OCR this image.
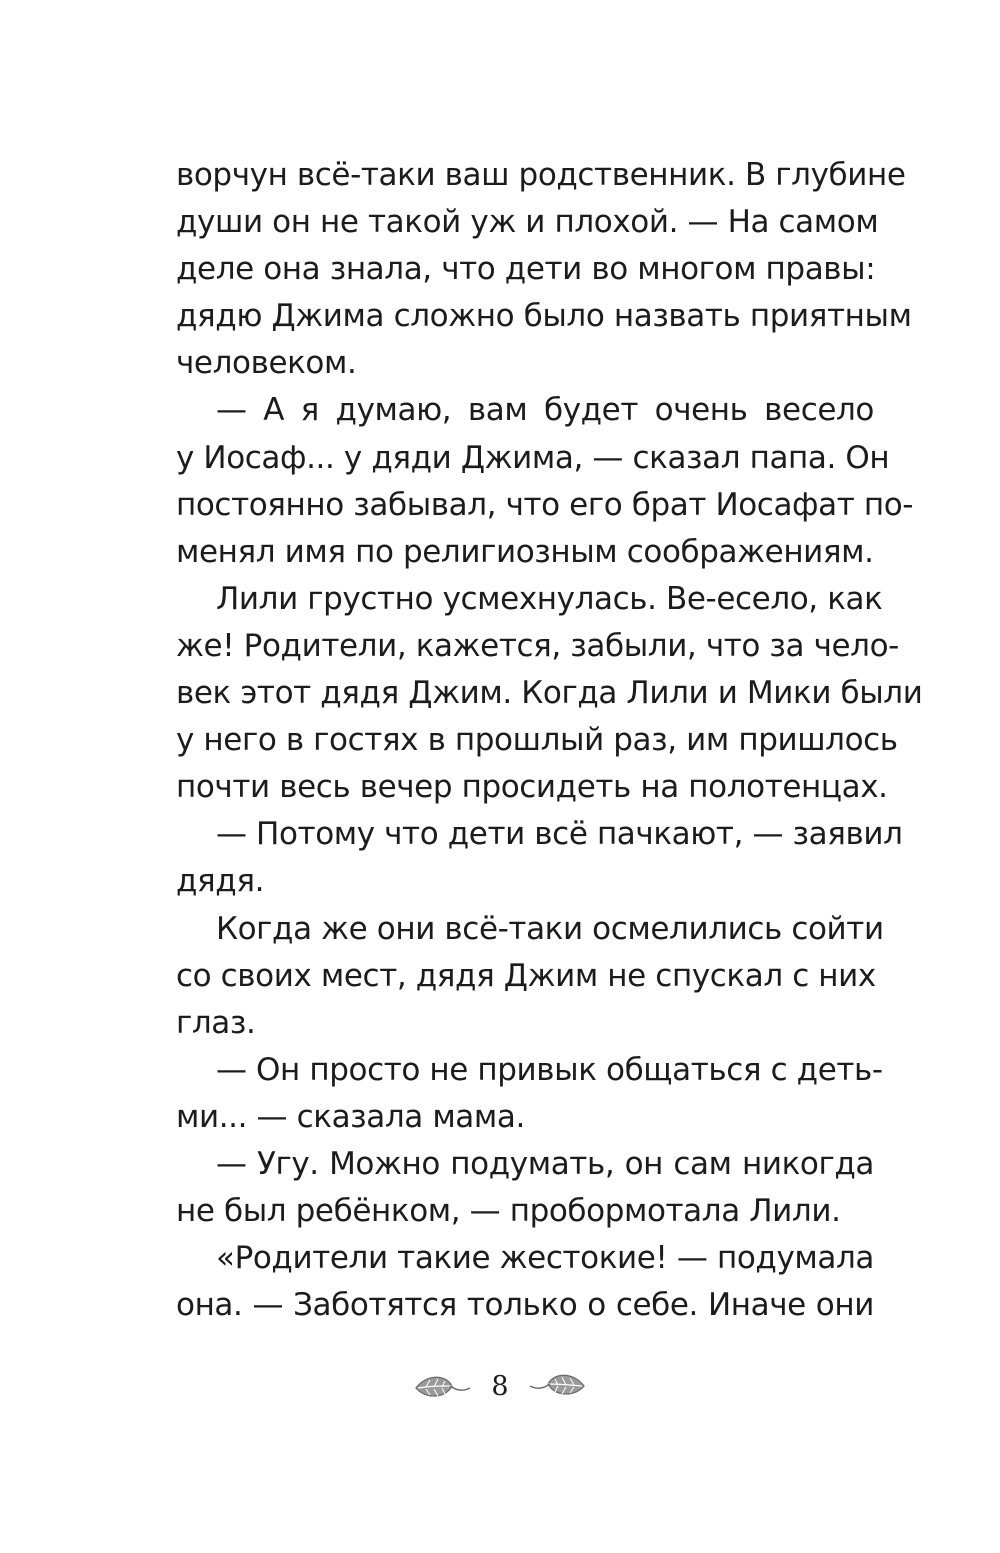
ворчун всё-таки ваш родственник. В глубине
души он не такой уж и плохой. — На самом
деле она знала, что дети во многом правы:
дядю Джима сложно было назвать приятным
человеком.
— А я думаю, вам будет очень весело
у Иосаф... у дяди Джима, — сказал папа. Он
постоянно забывал, что его брат Иосафат по-
менял имя по религиозным соображениям.
Лили грустно усмехнулась. Ве-есело, как
же! Родители, кажется, забыли, что за чело-
век этот дядя Джим. Когда Лили и Мики были
у него в гостях в прошлый раз, им пришлось
почти весь вечер просидеть на полотенцах.
— Потому что дети всё пачкают, — заявил
дядя.
Когда же они всё-таки осмелились сойти
со своих мест, дядя Джим не спускал с них
глаз.
— Он просто не привык общаться с деть-
ми... — сказала мама.
— Угу. Можно подумать, он сам никогда
не был ребёнком, — пробормотала Лили.
«Родители такие жестокие! — подумала
она. — Заботятся только о себе. Иначе они
8
